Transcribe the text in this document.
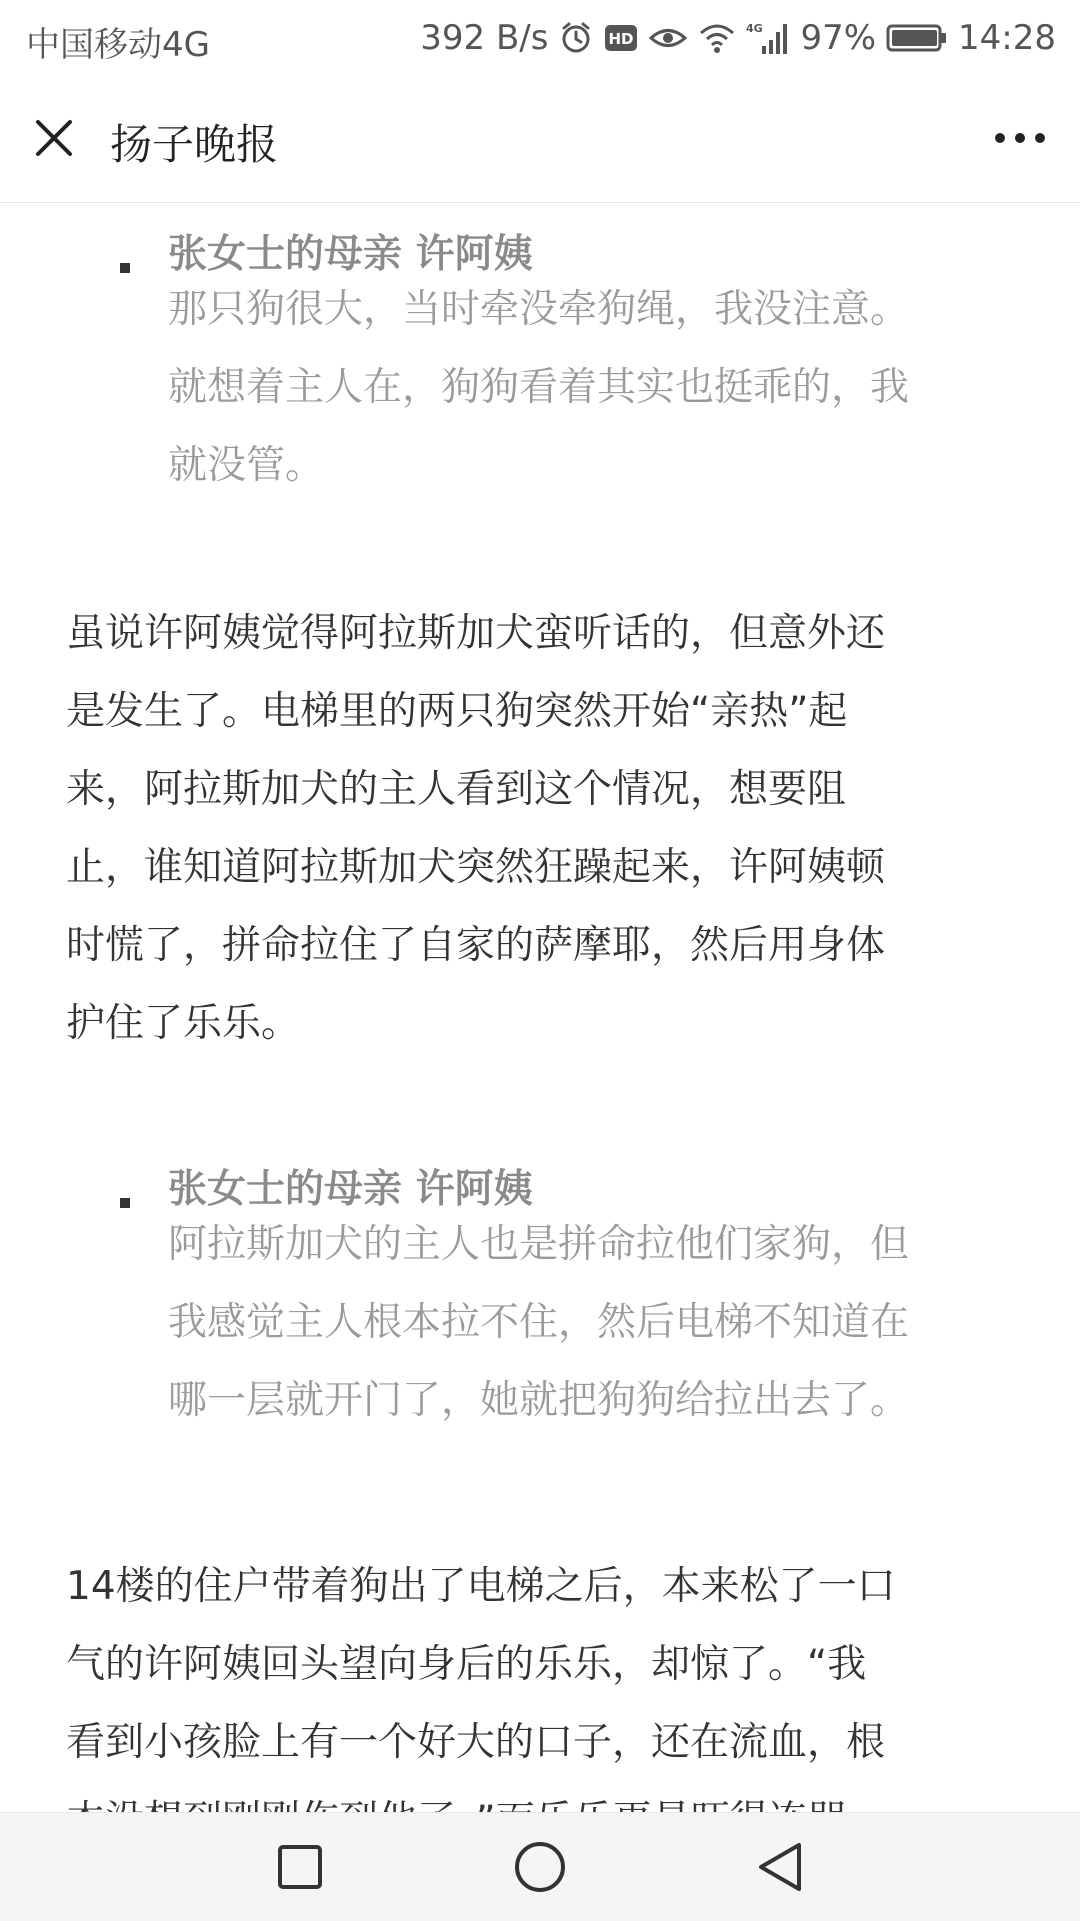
中国移动4G	392 B/s	HD
4G 97% 14:28
扬子晚报
张女士的母亲 许阿姨
那只狗很大，当时牵没牵狗绳，我没注意。
就想着主人在，狗狗看着其实也挺乖的，我
就没管。
虽说许阿姨觉得阿拉斯加犬蛮听话的，但意外还
是发生了。电梯里的两只狗突然开始“亲热”起
来，阿拉斯加犬的主人看到这个情况，想要阻
止，谁知道阿拉斯加犬突然狂躁起来，许阿姨顿
时慌了，拼命拉住了自家的萨摩耶，然后用身体
护住了乐乐。
张女士的母亲 许阿姨
阿拉斯加犬的主人也是拼命拉他们家狗，但
我感觉主人根本拉不住，然后电梯不知道在
哪一层就开门了，她就把狗狗给拉出去了。
14楼的住户带着狗出了电梯之后，本来松了一口
气的许阿姨回头望向身后的乐乐，却惊了。“我
看到小孩脸上有一个好大的口子，还在流血，根
